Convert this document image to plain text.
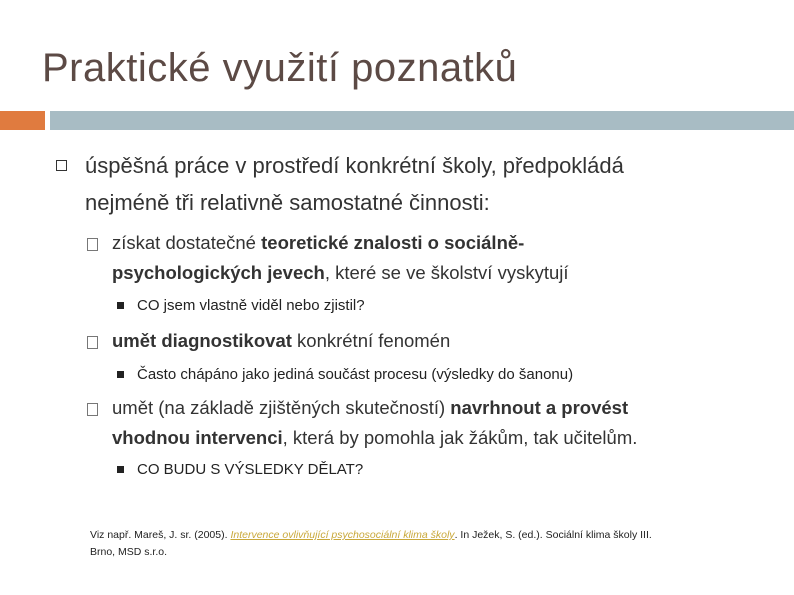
Praktické využití poznatků
úspěšná práce v prostředí konkrétní školy, předpokládá
nejméně tři relativně samostatné činnosti:
získat dostatečné teoretické znalosti o sociálně-
psychologických jevech, které se ve školství vyskytují
CO jsem vlastně viděl nebo zjistil?
umět diagnostikovat konkrétní fenomén
Často chápáno jako jediná součást procesu (výsledky do šanonu)
umět (na základě zjištěných skutečností) navrhnout a provést
vhodnou intervenci, která by pomohla jak žákům, tak učitelům.
CO BUDU S VÝSLEDKY DĚLAT?
Viz např. Mareš, J. sr. (2005). Intervence ovlivňující psychosociální klima školy. In Ježek, S. (ed.). Sociální klima školy III.
Brno, MSD s.r.o.
